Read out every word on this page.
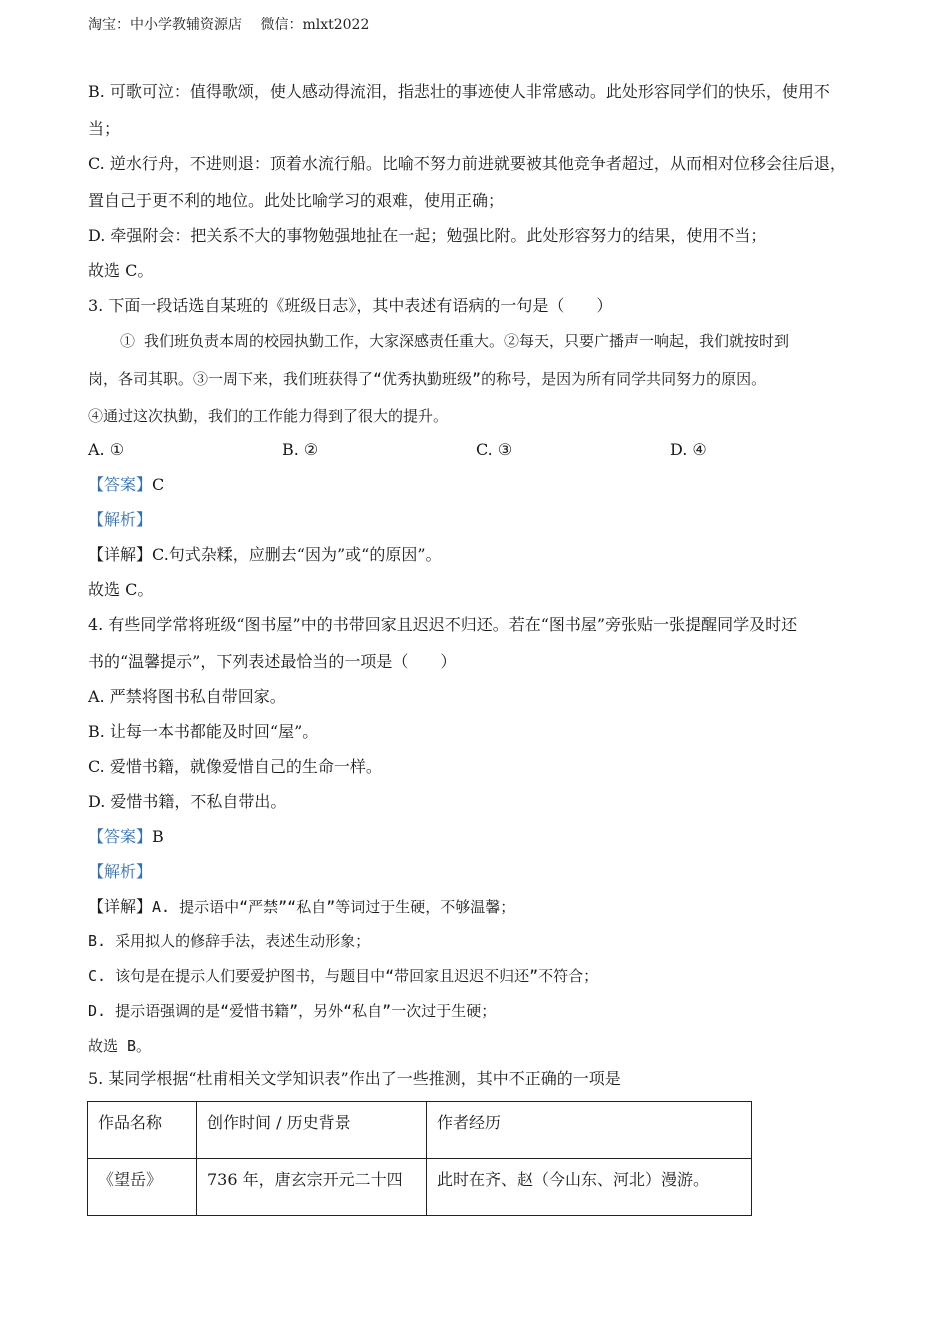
淘宝：中小学教辅资源店 微信：mlxt2022
B. 可歌可泣：值得歌颂，使人感动得流泪，指悲壮的事迹使人非常感动。此处形容同学们的快乐，使用不
当；
C. 逆水行舟，不进则退：顶着水流行船。比喻不努力前进就要被其他竞争者超过，从而相对位移会往后退，
置自己于更不利的地位。此处比喻学习的艰难，使用正确；
D. 牵强附会：把关系不大的事物勉强地扯在一起；勉强比附。此处形容努力的结果，使用不当；
故选 C。
3. 下面一段话选自某班的《班级日志》，其中表述有语病的一句是（　　）
① 我们班负责本周的校园执勤工作，大家深感责任重大。②每天，只要广播声一响起，我们就按时到
岗，各司其职。③一周下来，我们班获得了“优秀执勤班级”的称号，是因为所有同学共同努力的原因。
④通过这次执勤，我们的工作能力得到了很大的提升。
A. ①	B. ②	C. ③	D. ④
【答案】C
【解析】
【详解】C.句式杂糅，应删去“因为”或“的原因”。
故选 C。
4. 有些同学常将班级“图书屋”中的书带回家且迟迟不归还。若在“图书屋”旁张贴一张提醒同学及时还
书的“温馨提示”，下列表述最恰当的一项是（　　）
A. 严禁将图书私自带回家。
B. 让每一本书都能及时回“屋”。
C. 爱惜书籍，就像爱惜自己的生命一样。
D. 爱惜书籍，不私自带出。
【答案】B
【解析】
【详解】A. 提示语中“严禁”“私自”等词过于生硬，不够温馨；
B. 采用拟人的修辞手法，表述生动形象；
C. 该句是在提示人们要爱护图书，与题目中“带回家且迟迟不归还”不符合；
D. 提示语强调的是“爱惜书籍”，另外“私自”一次过于生硬；
故选 B。
5. 某同学根据“杜甫相关文学知识表”作出了一些推测，其中不正确的一项是
作品名称	创作时间 / 历史背景	作者经历
《望岳》	736 年，唐玄宗开元二十四	此时在齐、赵（今山东、河北）漫游。
